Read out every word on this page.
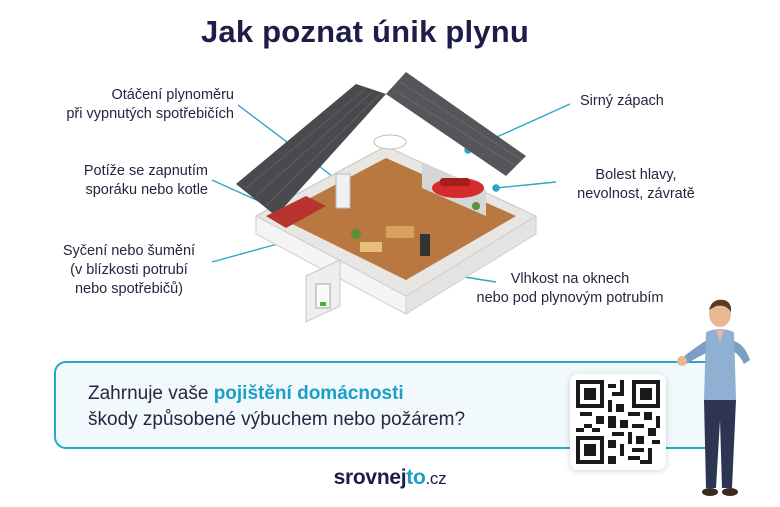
Jak poznat únik plynu
Otáčení plynoměru
při vypnutých spotřebičích
Potíže se zapnutím
sporáku nebo kotle
Syčení nebo šumění
(v blízkosti potrubí
nebo spotřebičů)
Sirný zápach
Bolest hlavy,
nevolnost, závratě
Vlhkost na oknech
nebo pod plynovým potrubím
Zahrnuje vaše pojištění domácnosti
škody způsobené výbuchem nebo požárem?
srovnejto.cz
